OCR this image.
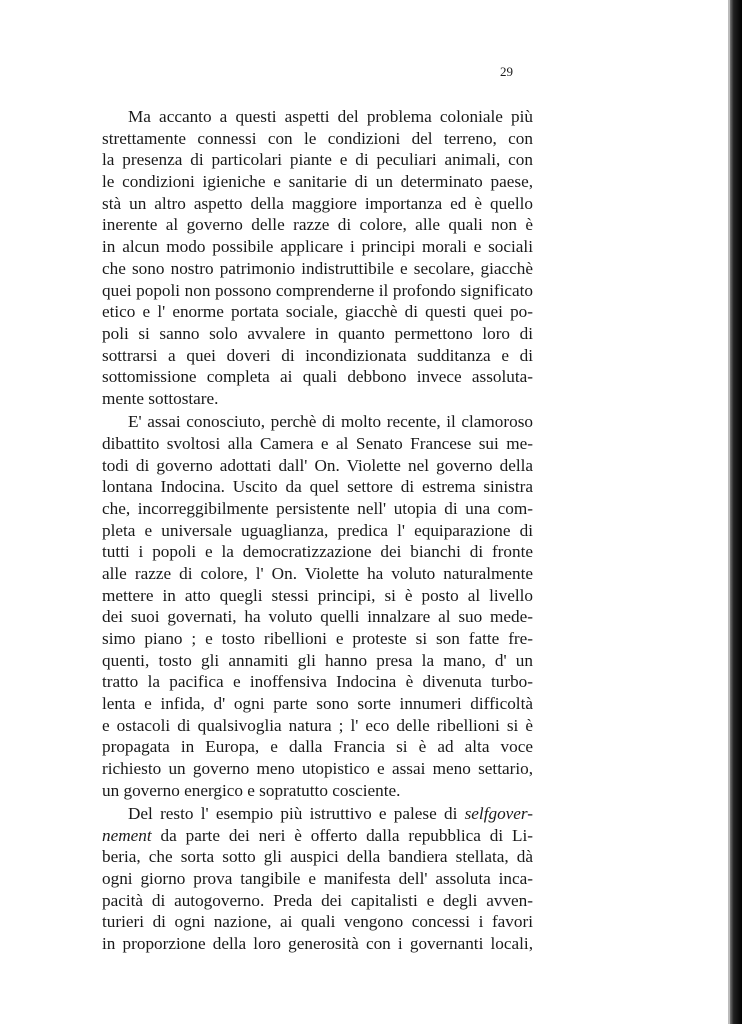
29
Ma accanto a questi aspetti del problema coloniale più
strettamente connessi con le condizioni del terreno, con
la presenza di particolari piante e di peculiari animali, con
le condizioni igieniche e sanitarie di un determinato paese,
stà un altro aspetto della maggiore importanza ed è quello
inerente al governo delle razze di colore, alle quali non è
in alcun modo possibile applicare i principi morali e sociali
che sono nostro patrimonio indistruttibile e secolare, giacchè
quei popoli non possono comprenderne il profondo significato
etico e l' enorme portata sociale, giacchè di questi quei po-
poli si sanno solo avvalere in quanto permettono loro di
sottrarsi a quei doveri di incondizionata sudditanza e di
sottomissione completa ai quali debbono invece assoluta-
mente sottostare.
E' assai conosciuto, perchè di molto recente, il clamoroso
dibattito svoltosi alla Camera e al Senato Francese sui me-
todi di governo adottati dall' On. Violette nel governo della
lontana Indocina. Uscito da quel settore di estrema sinistra
che, incorreggibilmente persistente nell' utopia di una com-
pleta e universale uguaglianza, predica l' equiparazione di
tutti i popoli e la democratizzazione dei bianchi di fronte
alle razze di colore, l' On. Violette ha voluto naturalmente
mettere in atto quegli stessi principi, si è posto al livello
dei suoi governati, ha voluto quelli innalzare al suo mede-
simo piano ; e tosto ribellioni e proteste si son fatte fre-
quenti, tosto gli annamiti gli hanno presa la mano, d' un
tratto la pacifica e inoffensiva Indocina è divenuta turbo-
lenta e infida, d' ogni parte sono sorte innumeri difficoltà
e ostacoli di qualsivoglia natura ; l' eco delle ribellioni si è
propagata in Europa, e dalla Francia si è ad alta voce
richiesto un governo meno utopistico e assai meno settario,
un governo energico e sopratutto cosciente.
Del resto l' esempio più istruttivo e palese di selfgover-
nement da parte dei neri è offerto dalla repubblica di Li-
beria, che sorta sotto gli auspici della bandiera stellata, dà
ogni giorno prova tangibile e manifesta dell' assoluta inca-
pacità di autogoverno. Preda dei capitalisti e degli avven-
turieri di ogni nazione, ai quali vengono concessi i favori
in proporzione della loro generosità con i governanti locali,
